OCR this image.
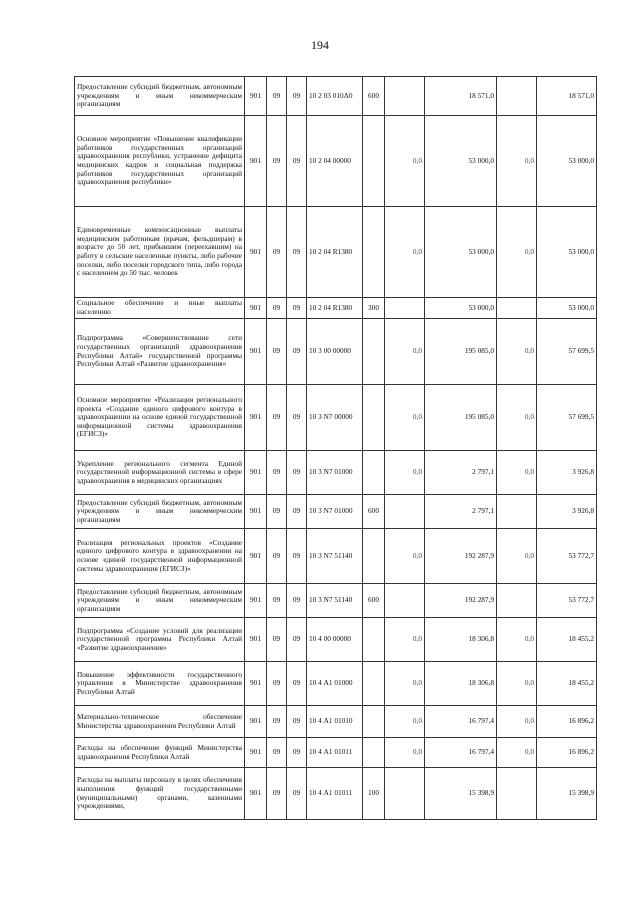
194
Предоставление субсидий бюджетным, автономным учреждениям и иным некоммерческим организациям	901	09	09	10 2 03 010A0	600		18 571,0		18 571,0
Основное мероприятие «Повышение квалификации работников государственных организаций здравоохранения республики, устранение дефицита медицинских кадров и социальная поддержка работников государственных организаций здравоохранения республики»	901	09	09	10 2 04 00000		0,0	53 000,0	0,0	53 000,0
Единовременные компенсационные выплаты медицинским работникам (врачам, фельдшерам) в возрасте до 50 лет, прибывшим (переехавшим) на работу в сельские населенные пункты, либо рабочие поселки, либо поселки городского типа, либо города с населением до 50 тыс. человек	901	09	09	10 2 04 R1380		0,0	53 000,0	0,0	53 000,0
Социальное обеспечение и иные выплаты населению	901	09	09	10 2 04 R1380	300		53 000,0		53 000,0
Подпрограмма «Совершенствование сети государственных организаций здравоохранения Республики Алтай» государственной программы Республики Алтай «Развитие здравоохранения»	901	09	09	10 3 00 00000		0,0	195 085,0	0,0	57 699,5
Основное мероприятие «Реализация регионального проекта «Создание единого цифрового контура в здравоохранении на основе единой государственной информационной системы здравоохранения (ЕГИСЗ)»	901	09	09	10 3 N7 00000		0,0	195 085,0	0,0	57 699,5
Укрепление регионального сегмента Единой государственной информационной системы в сфере здравоохранения в медицинских организациях	901	09	09	10 3 N7 01000		0,0	2 797,1	0,0	3 926,8
Предоставление субсидий бюджетным, автономным учреждениям и иным некоммерческим организациям	901	09	09	10 3 N7 01000	600		2 797,1		3 926,8
Реализация региональных проектов «Создание единого цифрового контура в здравоохранении на основе единой государственной информационной системы здравоохранения (ЕГИСЗ)»	901	09	09	10 3 N7 51140		0,0	192 287,9	0,0	53 772,7
Предоставление субсидий бюджетным, автономным учреждениям и иным некоммерческим организациям	901	09	09	10 3 N7 51140	600		192 287,9		53 772,7
Подпрограмма «Создание условий для реализации государственной программы Республики Алтай «Развитие здравоохранения»	901	09	09	10 4 00 00000		0,0	18 306,8	0,0	18 455,2
Повышение эффективности государственного управления в Министерстве здравоохранения Республики Алтай	901	09	09	10 4 А1 01000		0,0	18 306,8	0,0	18 455,2
Материально-техническое обеспечение Министерства здравоохранения Республики Алтай	901	09	09	10 4 А1 01010		0,0	16 797,4	0,0	16 896,2
Расходы на обеспечение функций Министерства здравоохранения Республики Алтай	901	09	09	10 4 А1 01011		0,0	16 797,4	0,0	16 896,2
Расходы на выплаты персоналу в целях обеспечения выполнения функций государственными (муниципальными) органами, казенными учреждениями,	901	09	09	10 4 А1 01011	100		15 398,9		15 398,9
